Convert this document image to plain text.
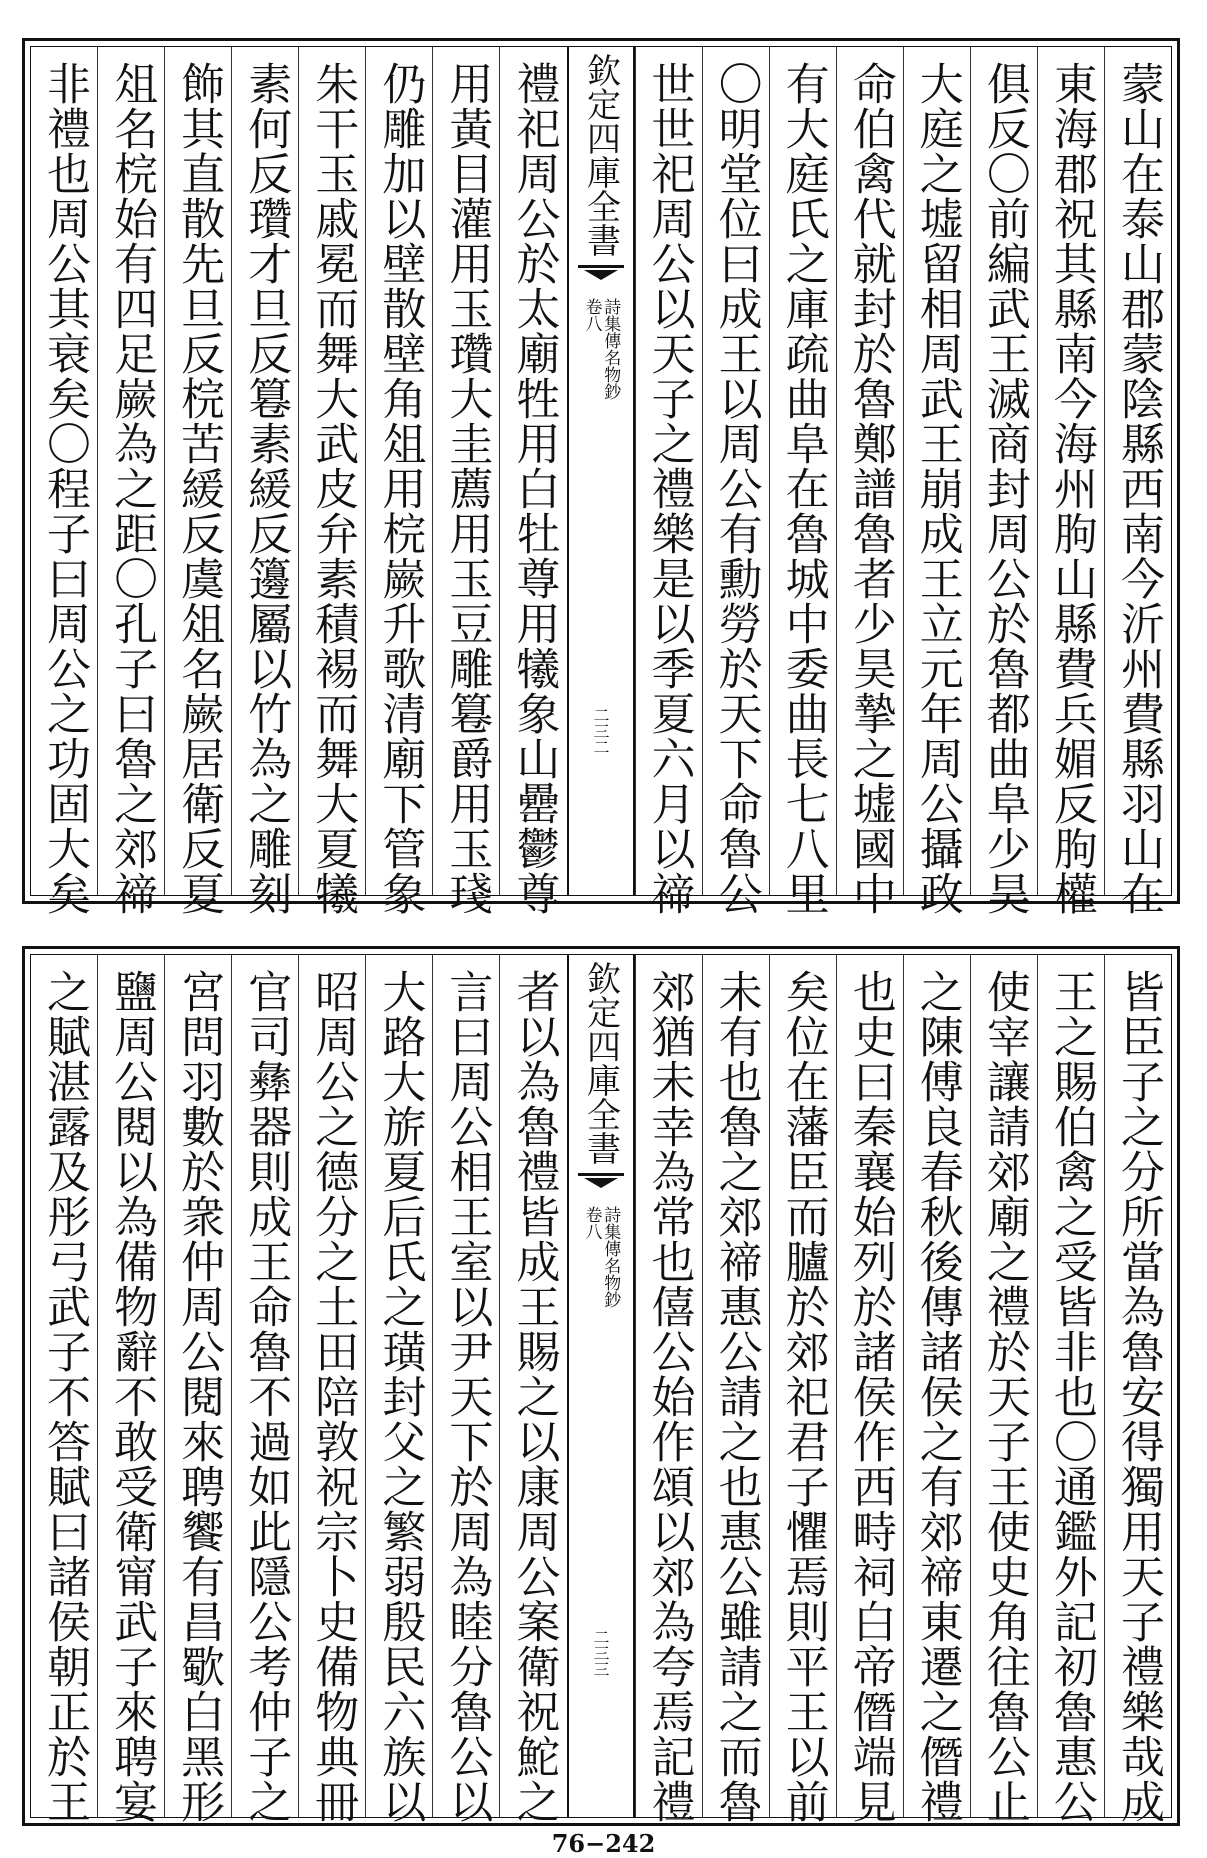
蒙山在泰山郡蒙陰縣西南今沂州費縣羽山在
東海郡祝其縣南今海州朐山縣費兵媚反朐權
俱反〇前編武王滅商封周公於魯都曲阜少昊
大庭之墟留相周武王崩成王立元年周公攝政
命伯禽代就封於魯鄭譜魯者少昊摯之墟國中
有大庭氏之庫疏曲阜在魯城中委曲長七八里
〇明堂位曰成王以周公有勳勞於天下命魯公
世世祀周公以天子之禮樂是以季夏六月以禘
欽定四庫全書
詩集傳名物鈔
卷八
二三二
禮祀周公於太廟牲用白牡尊用犧象山罍鬱尊
用黃目灌用玉瓚大圭薦用玉豆雕篹爵用玉琖
仍雕加以壁散壁角俎用梡嶡升歌清廟下管象
朱干玉戚冕而舞大武皮弁素積裼而舞大夏犧
素何反瓚才旦反篹素緩反籩屬以竹為之雕刻
飾其直散先旦反梡苦緩反虞俎名嶡居衛反夏
俎名梡始有四足嶡為之距〇孔子曰魯之郊禘
非禮也周公其衰矣〇程子曰周公之功固大矣
皆臣子之分所當為魯安得獨用天子禮樂哉成
王之賜伯禽之受皆非也〇通鑑外記初魯惠公
使宰讓請郊廟之禮於天子王使史角往魯公止
之陳傅良春秋後傳諸侯之有郊禘東遷之僭禮
也史曰秦襄始列於諸侯作西畤祠白帝僭端見
矣位在藩臣而臚於郊祀君子懼焉則平王以前
未有也魯之郊禘惠公請之也惠公雖請之而魯
郊猶未幸為常也僖公始作頌以郊為夸焉記禮
欽定四庫全書
詩集傳名物鈔
卷八
二三三
者以為魯禮皆成王賜之以康周公案衛祝鮀之
言曰周公相王室以尹天下於周為睦分魯公以
大路大旂夏后氏之璜封父之繁弱殷民六族以
昭周公之德分之土田陪敦祝宗卜史備物典冊
官司彝器則成王命魯不過如此隱公考仲子之
宮問羽數於衆仲周公閱來聘饗有昌歜白黑形
鹽周公閱以為備物辭不敢受衛甯武子來聘宴
之賦湛露及彤弓武子不答賦曰諸侯朝正於王
76−242
